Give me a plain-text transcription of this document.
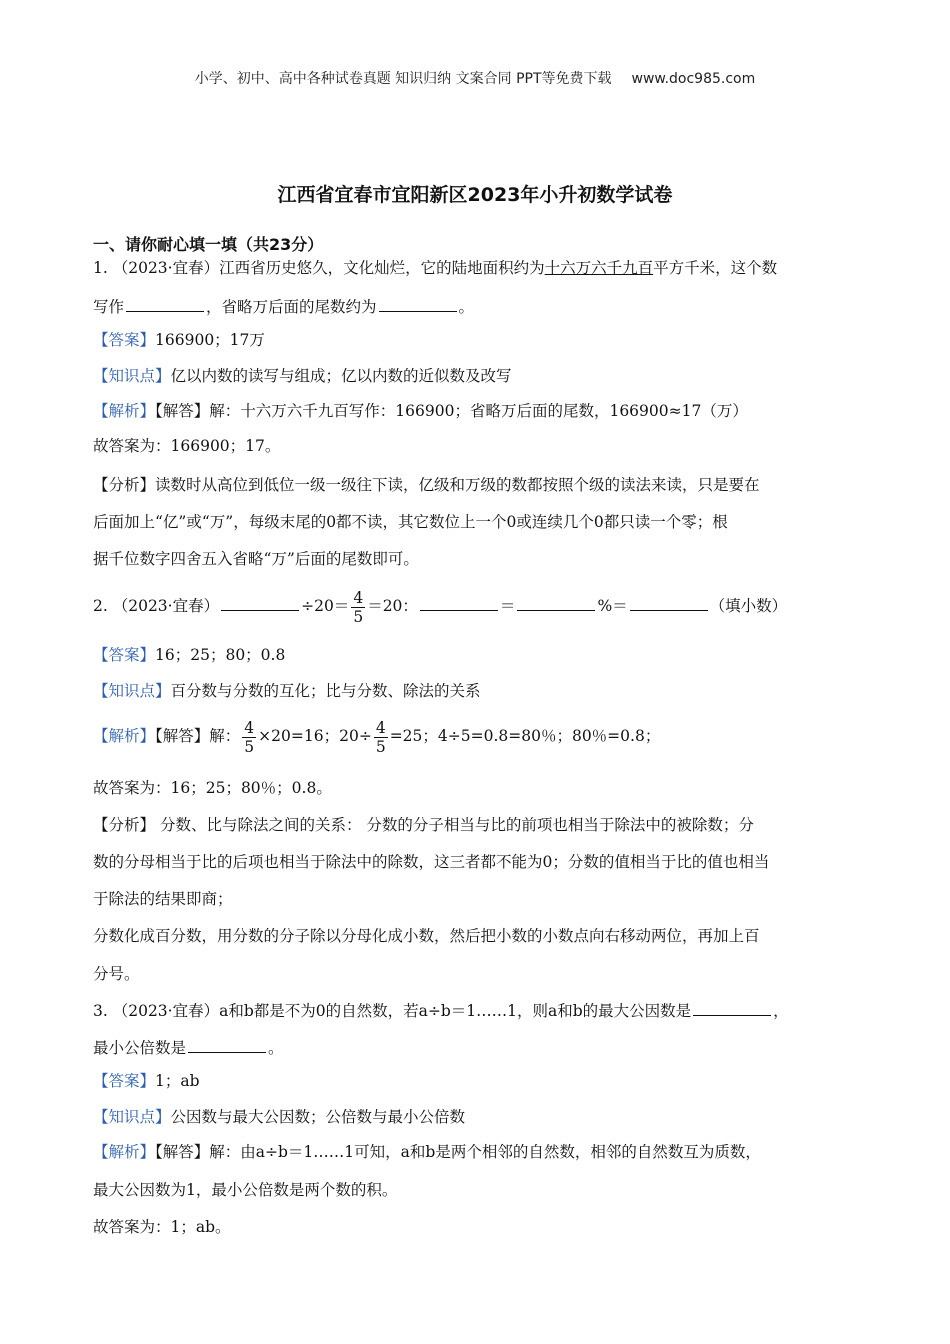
小学、初中、高中各种试卷真题 知识归纳 文案合同 PPT等免费下载 www.doc985.com
江西省宜春市宜阳新区2023年小升初数学试卷
一、请你耐心填一填（共23分）
1. （2023·宜春）江西省历史悠久，文化灿烂，它的陆地面积约为十六万六千九百平方千米，这个数
写作	，省略万后面的尾数约为	。
【答案】166900；17万
【知识点】亿以内数的读写与组成；亿以内数的近似数及改写
【解析】【解答】解：十六万六千九百写作：166900；省略万后面的尾数，166900≈17（万）
故答案为：166900；17。
【分析】读数时从高位到低位一级一级往下读，亿级和万级的数都按照个级的读法来读，只是要在
后面加上“亿”或“万”，每级末尾的0都不读，其它数位上一个0或连续几个0都只读一个零；根
据千位数字四舍五入省略“万”后面的尾数即可。
2. （2023·宜春）	$\div 20= \frac{4}{5} =20$：	＝	%＝	（填小数）
【答案】16；25；80；0.8
【知识点】百分数与分数的互化；比与分数、除法的关系
【解析】【解答】解： $\frac{4}{5} \times 20=16$；$20\div \frac{4}{5} =25$；4÷5=0.8=80％；80％=0.8；
故答案为：16；25；80％；0.8。
【分析】 分数、比与除法之间的关系： 分数的分子相当与比的前项也相当于除法中的被除数；分
数的分母相当于比的后项也相当于除法中的除数，这三者都不能为0；分数的值相当于比的值也相当
于除法的结果即商；
分数化成百分数，用分数的分子除以分母化成小数，然后把小数的小数点向右移动两位，再加上百
分号。
3. （2023·宜春）a和b都是不为0的自然数，若a÷b＝1……1，则a和b的最大公因数是	，
最小公倍数是	。
【答案】1；ab
【知识点】公因数与最大公因数；公倍数与最小公倍数
【解析】【解答】解：由a÷b＝1……1可知，a和b是两个相邻的自然数，相邻的自然数互为质数，
最大公因数为1，最小公倍数是两个数的积。
故答案为：1；ab。
